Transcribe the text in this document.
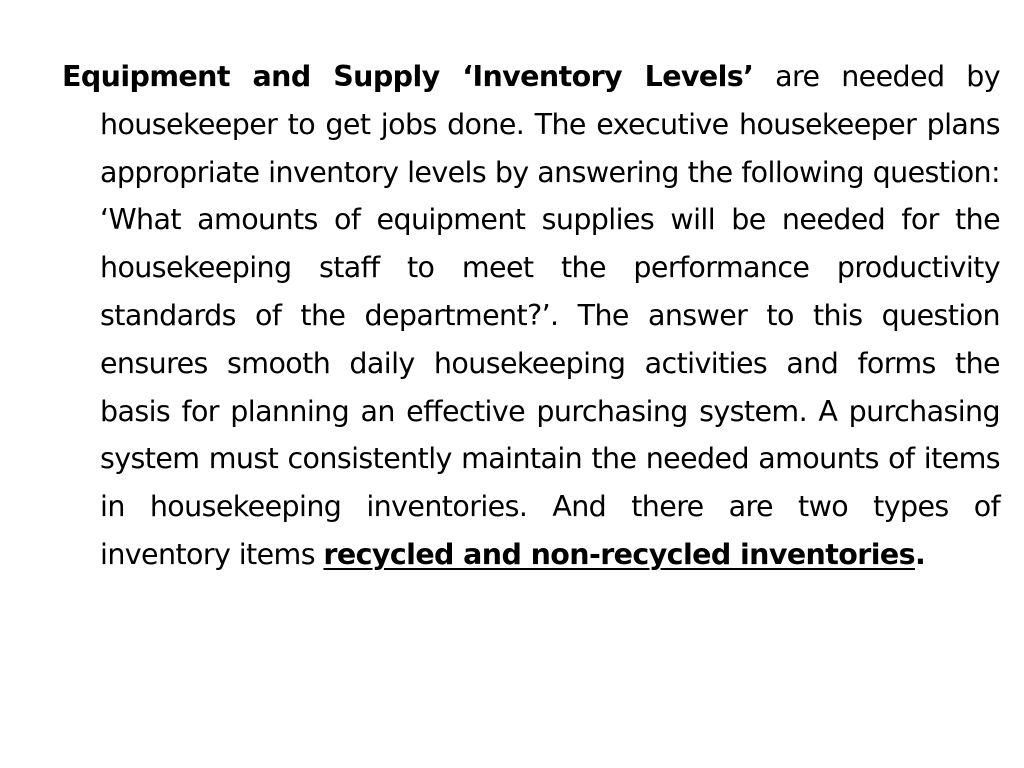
Equipment and Supply ‘Inventory Levels’ are needed by housekeeper to get jobs done. The executive housekeeper plans appropriate inventory levels by answering the following question: ‘What amounts of equipment supplies will be needed for the housekeeping staff to meet the performance productivity standards of the department?’. The answer to this question ensures smooth daily housekeeping activities and forms the basis for planning an effective purchasing system. A purchasing system must consistently maintain the needed amounts of items in housekeeping inventories. And there are two types of inventory items recycled and non-recycled inventories.
